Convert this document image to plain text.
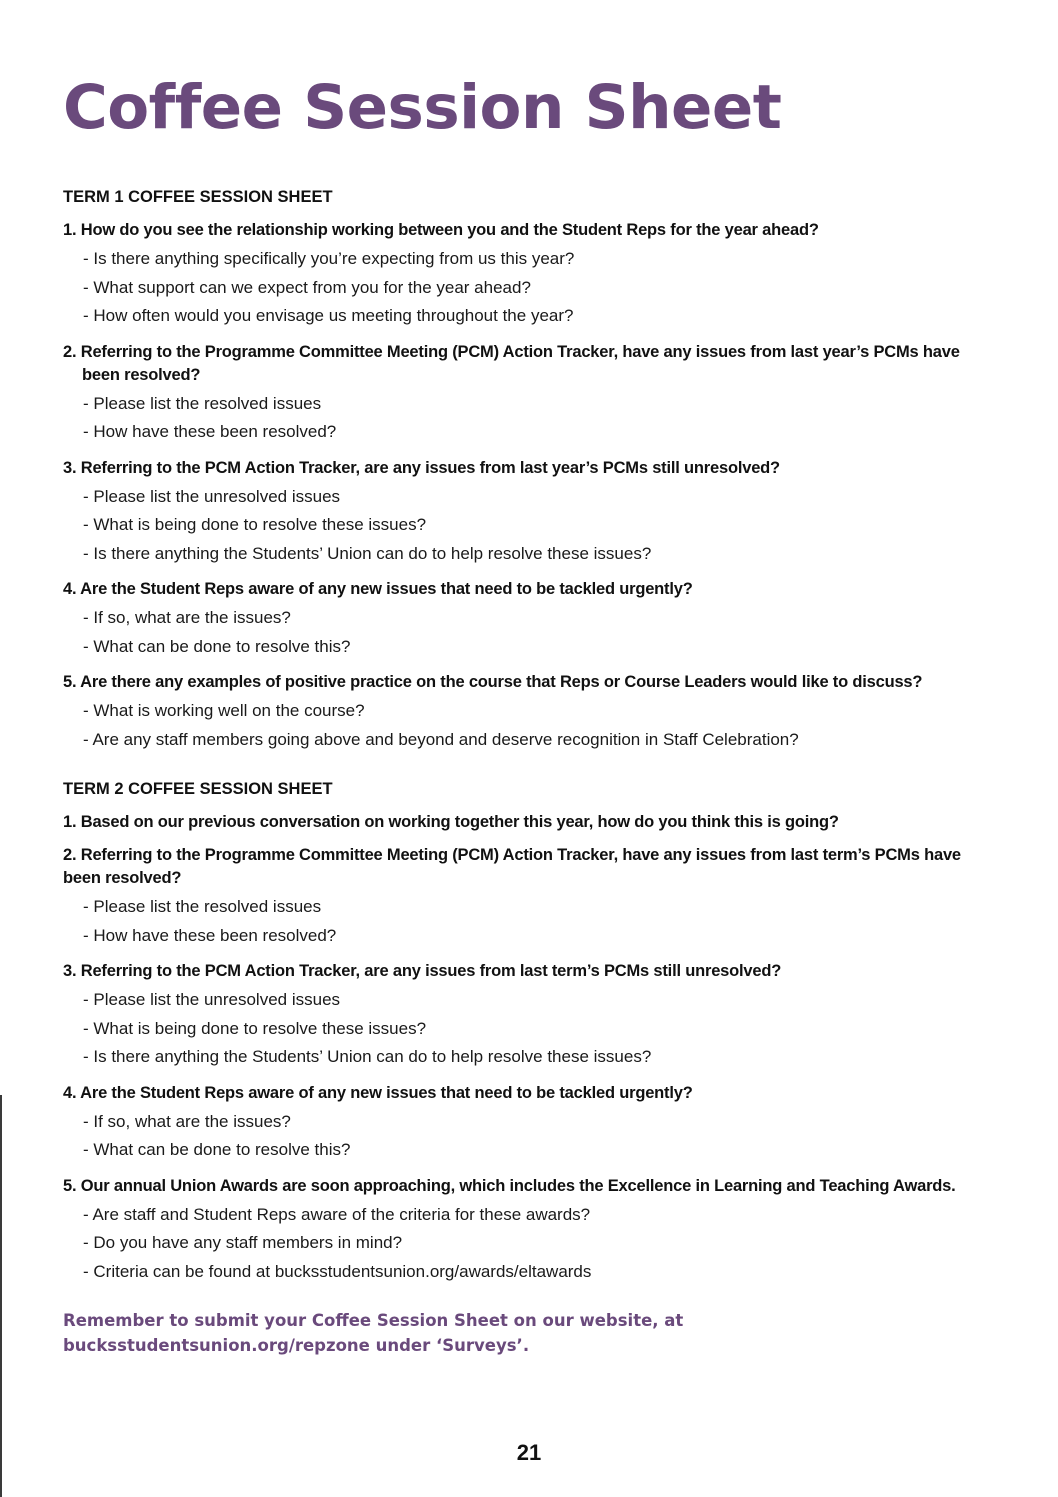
Coffee Session Sheet
TERM 1 COFFEE SESSION SHEET

1. How do you see the relationship working between you and the Student Reps for the year ahead?

- Is there anything specifically you’re expecting from us this year?
- What support can we expect from you for the year ahead?
- How often would you envisage us meeting throughout the year?

2. Referring to the Programme Committee Meeting (PCM) Action Tracker, have any issues from last year’s PCMs have been resolved?

- Please list the resolved issues
- How have these been resolved?

3. Referring to the PCM Action Tracker, are any issues from last year’s PCMs still unresolved?

- Please list the unresolved issues
- What is being done to resolve these issues?
- Is there anything the Students’ Union can do to help resolve these issues?

4. Are the Student Reps aware of any new issues that need to be tackled urgently?

- If so, what are the issues?
- What can be done to resolve this?

5. Are there any examples of positive practice on the course that Reps or Course Leaders would like to discuss?

- What is working well on the course?
- Are any staff members going above and beyond and deserve recognition in Staff Celebration?
TERM 2 COFFEE SESSION SHEET

1. Based on our previous conversation on working together this year, how do you think this is going?

2. Referring to the Programme Committee Meeting (PCM) Action Tracker, have any issues from last term’s PCMs have been resolved?

- Please list the resolved issues
- How have these been resolved?

3. Referring to the PCM Action Tracker, are any issues from last term’s PCMs still unresolved?

- Please list the unresolved issues
- What is being done to resolve these issues?
- Is there anything the Students’ Union can do to help resolve these issues?

4. Are the Student Reps aware of any new issues that need to be tackled urgently?

- If so, what are the issues?
- What can be done to resolve this?

5. Our annual Union Awards are soon approaching, which includes the Excellence in Learning and Teaching Awards.

- Are staff and Student Reps aware of the criteria for these awards?
- Do you have any staff members in mind?
- Criteria can be found at bucksstudentsunion.org/awards/eltawards

Remember to submit your Coffee Session Sheet on our website, at bucksstudentsunion.org/repzone under ‘Surveys’.

21
